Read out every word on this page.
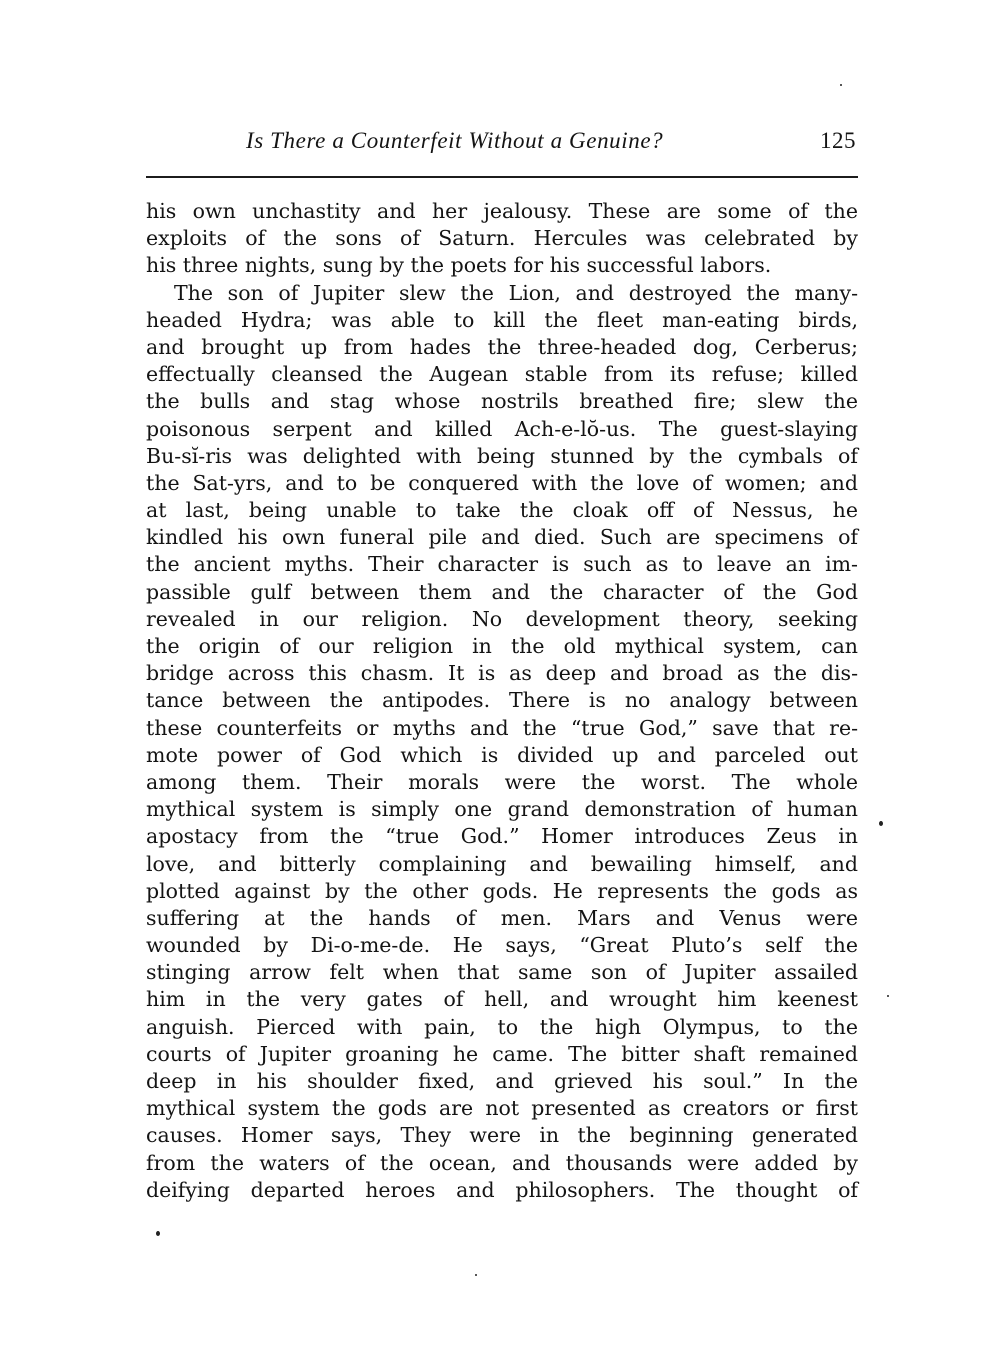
Is There a Counterfeit Without a Genuine?	125
his own unchastity and her jealousy. These are some of the
exploits of the sons of Saturn. Hercules was celebrated by
his three nights, sung by the poets for his successful labors.
The son of Jupiter slew the Lion, and destroyed the many-
headed Hydra; was able to kill the fleet man-eating birds,
and brought up from hades the three-headed dog, Cerberus;
effectually cleansed the Augean stable from its refuse; killed
the bulls and stag whose nostrils breathed fire; slew the
poisonous serpent and killed Ach-e-lŏ-us. The guest-slaying
Bu-sĭ-ris was delighted with being stunned by the cymbals of
the Sat-yrs, and to be conquered with the love of women; and
at last, being unable to take the cloak off of Nessus, he
kindled his own funeral pile and died. Such are specimens of
the ancient myths. Their character is such as to leave an im-
passible gulf between them and the character of the God
revealed in our religion. No development theory, seeking
the origin of our religion in the old mythical system, can
bridge across this chasm. It is as deep and broad as the dis-
tance between the antipodes. There is no analogy between
these counterfeits or myths and the “true God,” save that re-
mote power of God which is divided up and parceled out
among them. Their morals were the worst. The whole
mythical system is simply one grand demonstration of human
apostacy from the “true God.” Homer introduces Zeus in
love, and bitterly complaining and bewailing himself, and
plotted against by the other gods. He represents the gods as
suffering at the hands of men. Mars and Venus were
wounded by Di-o-me-de. He says, “Great Pluto’s self the
stinging arrow felt when that same son of Jupiter assailed
him in the very gates of hell, and wrought him keenest
anguish. Pierced with pain, to the high Olympus, to the
courts of Jupiter groaning he came. The bitter shaft remained
deep in his shoulder fixed, and grieved his soul.” In the
mythical system the gods are not presented as creators or first
causes. Homer says, They were in the beginning generated
from the waters of the ocean, and thousands were added by
deifying departed heroes and philosophers. The thought of
